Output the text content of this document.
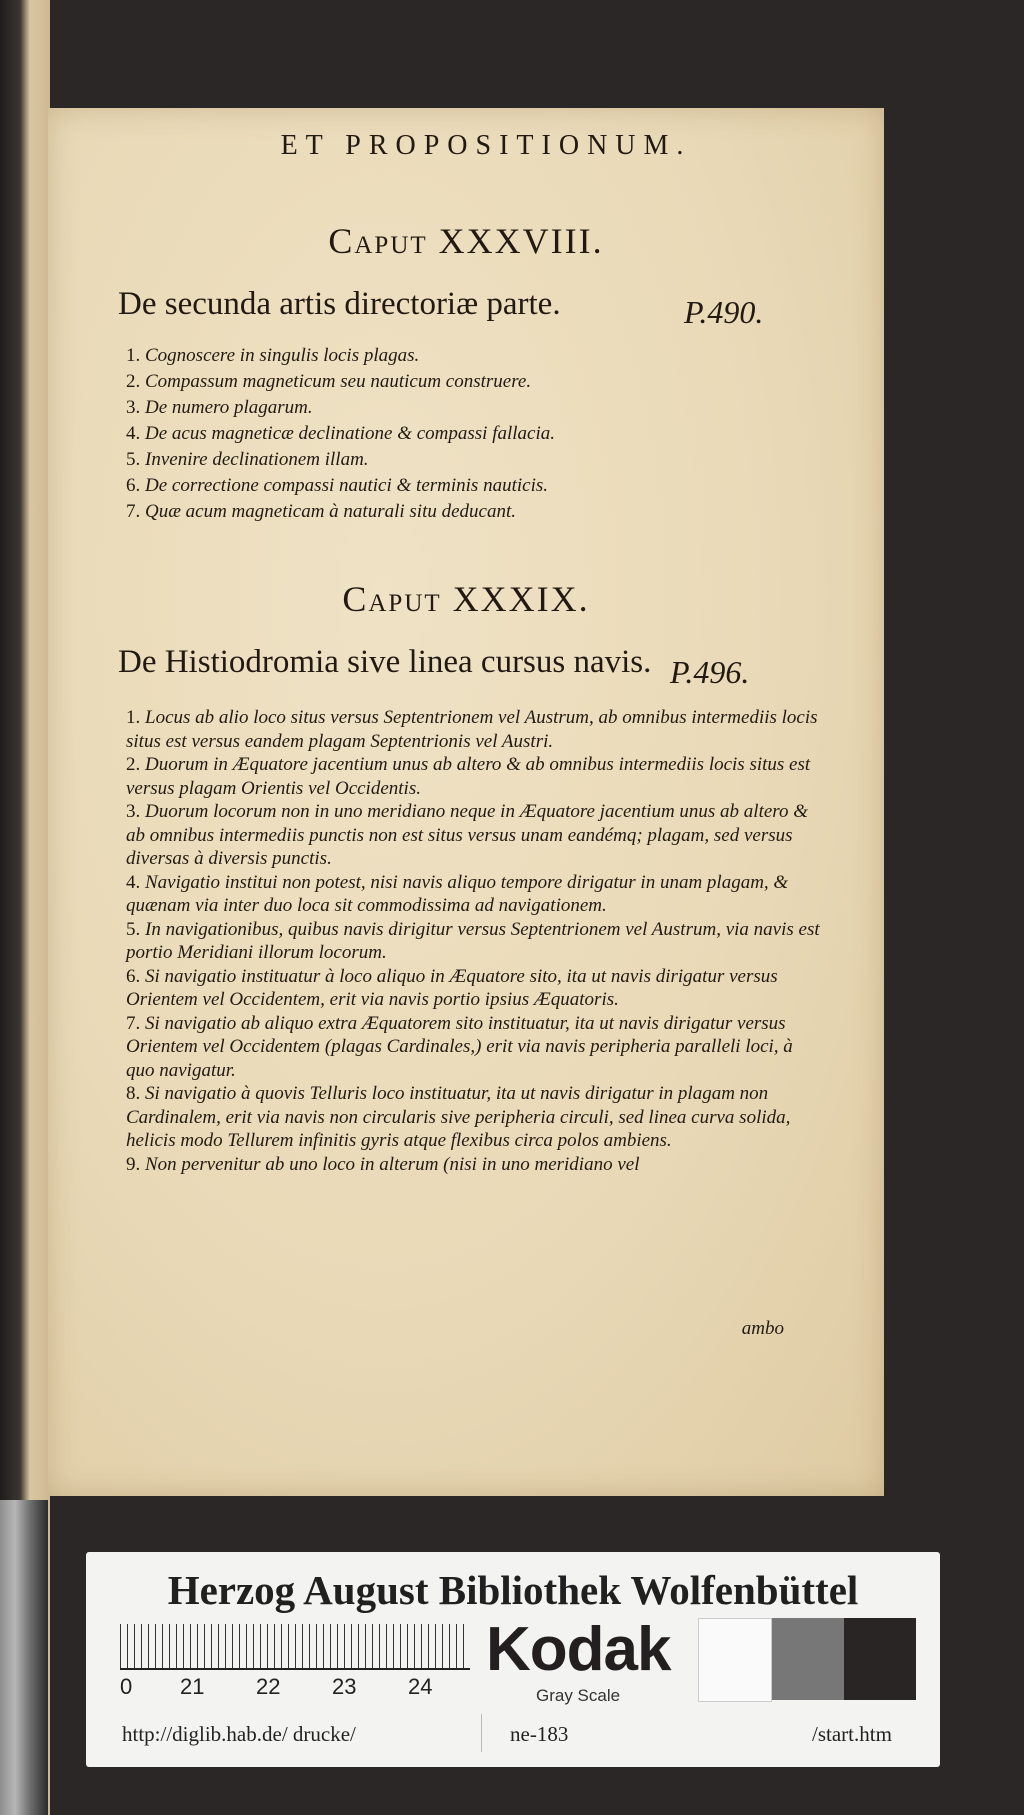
ET PROPOSITIONUM.
Caput XXXVIII.
De secunda artis directoriæ parte.	P.490.
1. Cognoscere in singulis locis plagas.
2. Compassum magneticum seu nauticum construere.
3. De numero plagarum.
4. De acus magneticæ declinatione & compassi fallacia.
5. Invenire declinationem illam.
6. De correctione compassi nautici & terminis nauticis.
7. Quæ acum magneticam à naturali situ deducant.
Caput XXXIX.
De Histiodromia sive linea cursus navis. P.496.
1. Locus ab alio loco situs versus Septentrionem vel Austrum, ab omnibus intermediis locis situs est versus eandem plagam Septentrionis vel Austri.
2. Duorum in Æquatore jacentium unus ab altero & ab omnibus intermediis locis situs est versus plagam Orientis vel Occidentis.
3. Duorum locorum non in uno meridiano neque in Æquatore jacentium unus ab altero & ab omnibus intermediis punctis non est situs versus unam eandémq; plagam, sed versus diversas à diversis punctis.
4. Navigatio institui non potest, nisi navis aliquo tempore dirigatur in unam plagam, & quænam via inter duo loca sit commodissima ad navigationem.
5. In navigationibus, quibus navis dirigitur versus Septentrionem vel Austrum, via navis est portio Meridiani illorum locorum.
6. Si navigatio instituatur à loco aliquo in Æquatore sito, ita ut navis dirigatur versus Orientem vel Occidentem, erit via navis portio ipsius Æquatoris.
7. Si navigatio ab aliquo extra Æquatorem sito instituatur, ita ut navis dirigatur versus Orientem vel Occidentem (plagas Cardinales,) erit via navis peripheria paralleli loci, à quo navigatur.
8. Si navigatio à quovis Telluris loco instituatur, ita ut navis dirigatur in plagam non Cardinalem, erit via navis non circularis sive peripheria circuli, sed linea curva solida, helicis modo Tellurem infinitis gyris atque flexibus circa polos ambiens.
9. Non pervenitur ab uno loco in alterum (nisi in uno meridiano vel
ambo
Herzog August Bibliothek Wolfenbüttel
0 21 22 23 24
Kodak
Gray Scale
http://diglib.hab.de/ drucke/	ne-183	/start.htm
